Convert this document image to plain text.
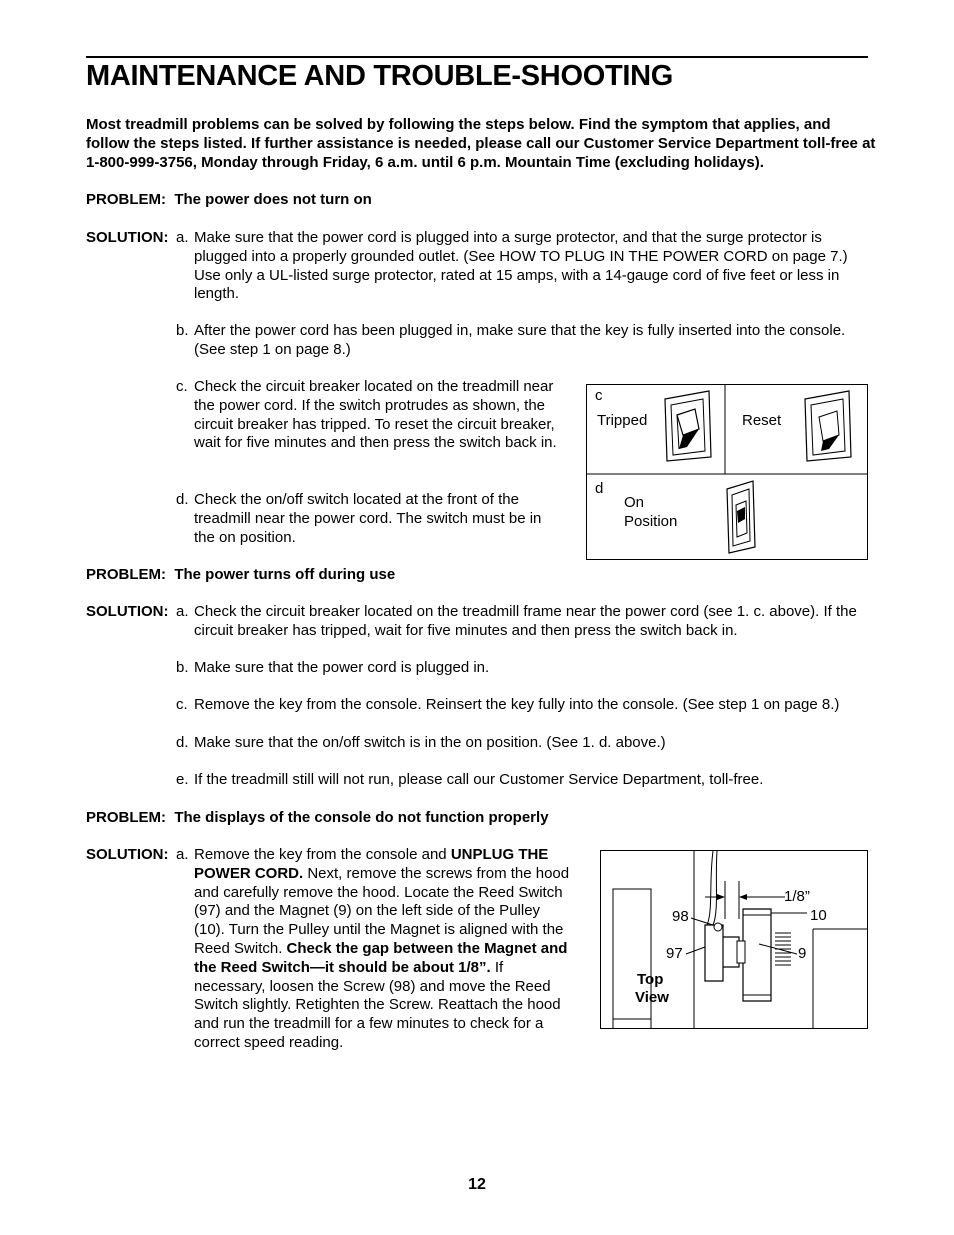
MAINTENANCE AND TROUBLE-SHOOTING
Most treadmill problems can be solved by following the steps below. Find the symptom that applies, and follow the steps listed. If further assistance is needed, please call our Customer Service Department toll-free at 1-800-999-3756, Monday through Friday, 6 a.m. until 6 p.m. Mountain Time (excluding holidays).
PROBLEM: The power does not turn on
SOLUTION: a. Make sure that the power cord is plugged into a surge protector, and that the surge protector is plugged into a properly grounded outlet. (See HOW TO PLUG IN THE POWER CORD on page 7.) Use only a UL-listed surge protector, rated at 15 amps, with a 14-gauge cord of five feet or less in length.
b. After the power cord has been plugged in, make sure that the key is fully inserted into the console. (See step 1 on page 8.)
c. Check the circuit breaker located on the treadmill near the power cord. If the switch protrudes as shown, the circuit breaker has tripped. To reset the circuit breaker, wait for five minutes and then press the switch back in.
d. Check the on/off switch located at the front of the treadmill near the power cord. The switch must be in the on position.
c
Tripped	Reset
d
On
Position
PROBLEM: The power turns off during use
SOLUTION: a. Check the circuit breaker located on the treadmill frame near the power cord (see 1. c. above). If the circuit breaker has tripped, wait for five minutes and then press the switch back in.
b. Make sure that the power cord is plugged in.
c. Remove the key from the console. Reinsert the key fully into the console. (See step 1 on page 8.)
d. Make sure that the on/off switch is in the on position. (See 1. d. above.)
e. If the treadmill still will not run, please call our Customer Service Department, toll-free.
PROBLEM: The displays of the console do not function properly
SOLUTION: a. Remove the key from the console and UNPLUG THE POWER CORD. Next, remove the screws from the hood and carefully remove the hood. Locate the Reed Switch (97) and the Magnet (9) on the left side of the Pulley (10). Turn the Pulley until the Magnet is aligned with the Reed Switch. Check the gap between the Magnet and the Reed Switch—it should be about 1/8”. If necessary, loosen the Screw (98) and move the Reed Switch slightly. Retighten the Screw. Reattach the hood and run the treadmill for a few minutes to check for a correct speed reading.
1/8”
98	10
97	9
Top
View
12
